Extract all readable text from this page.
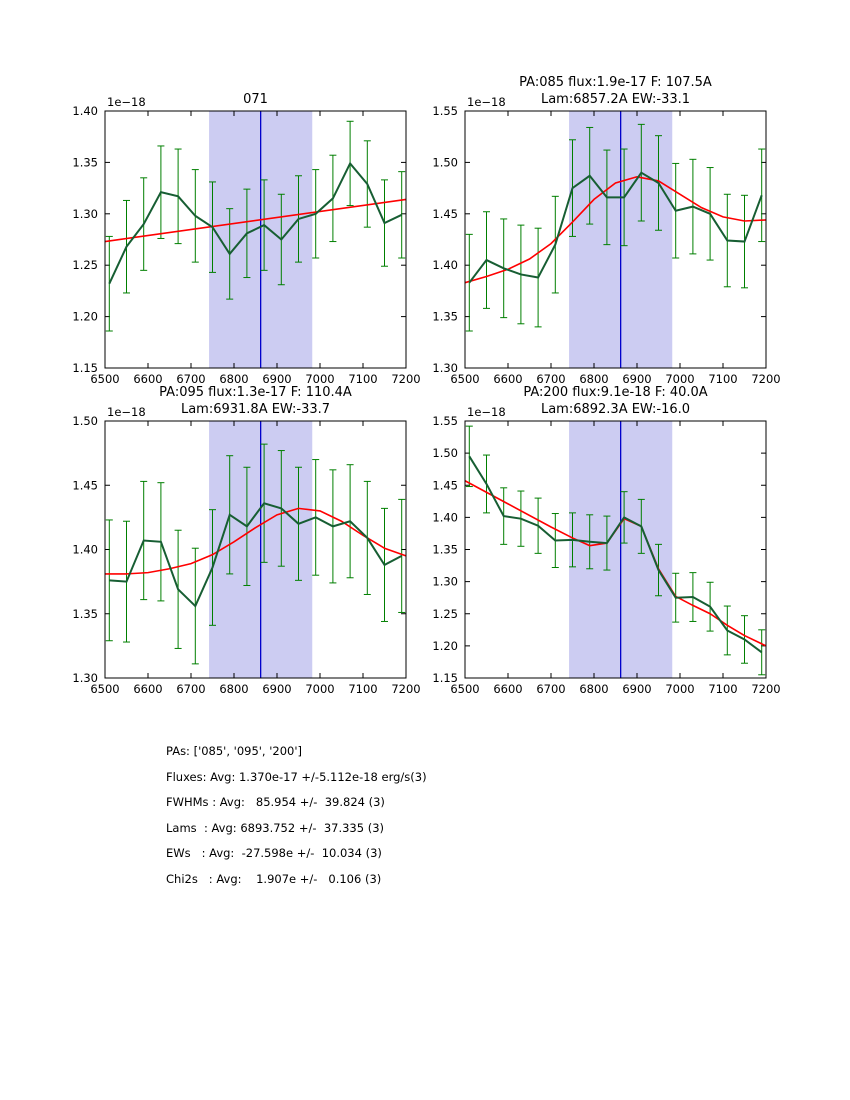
6500 6600 6700 6800 6900 7000 7100 7200
1.15
1.20
1.25
1.30
1.35
1.40
1e−18	071
6500 6600 6700 6800 6900 7000 7100 7200
1.30
1.35
1.40
1.45
1.50
1.55
1e−18
PA:085 flux:1.9e-17 F: 107.5A
Lam:6857.2A EW:-33.1
6500 6600 6700 6800 6900 7000 7100 7200
1.30
1.35
1.40
1.45
1.50
1e−18
PA:095 flux:1.3e-17 F: 110.4A
Lam:6931.8A EW:-33.7
6500 6600 6700 6800 6900 7000 7100 7200
1.15
1.20
1.25
1.30
1.35
1.40
1.45
1.50
1.55
1e−18
PA:200 flux:9.1e-18 F: 40.0A
Lam:6892.3A EW:-16.0
PAs: ['085', '095', '200']
Fluxes: Avg: 1.370e-17 +/-5.112e-18 erg/s(3)
FWHMs : Avg:   85.954 +/-  39.824 (3)
Lams  : Avg: 6893.752 +/-  37.335 (3)
EWs   : Avg:  -27.598e +/-  10.034 (3)
Chi2s   : Avg:    1.907e +/-   0.106 (3)
